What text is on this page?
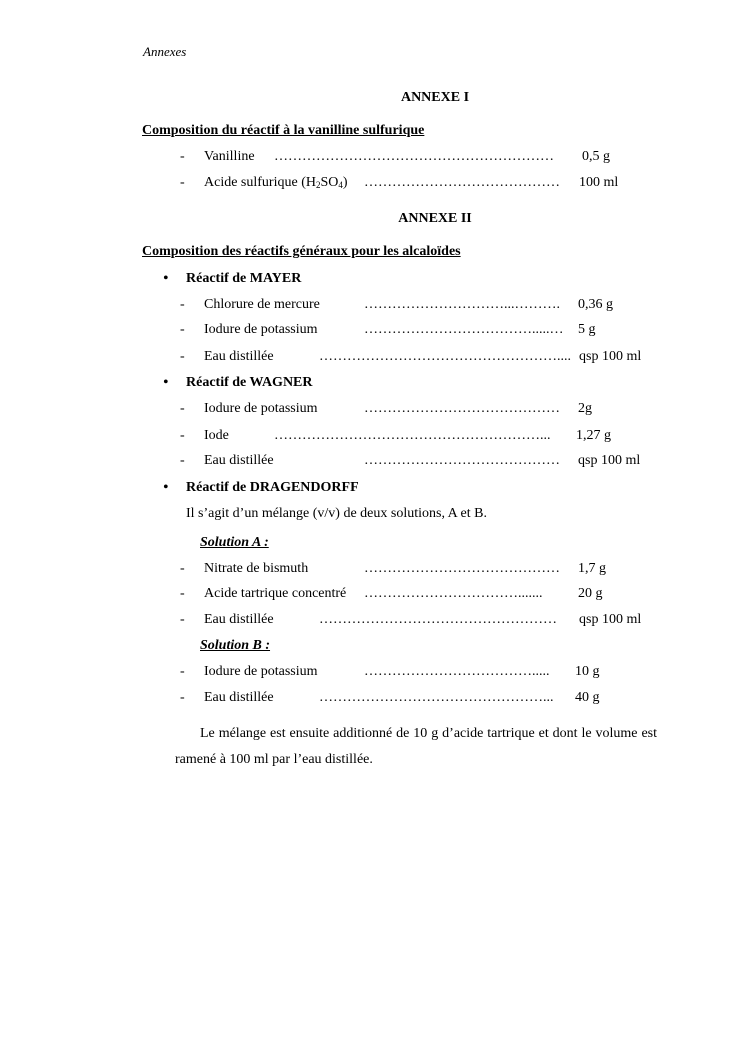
Annexes
ANNEXE I
Composition du réactif à la vanilline sulfurique
- Vanilline …………………………………………………… 0,5 g
- Acide sulfurique $(H_2SO_4)$ …………………………………… 100 ml
ANNEXE II
Composition des réactifs généraux pour les alcaloïdes
• Réactif de MAYER
- Chlorure de mercure	…………………………...………. 0,36 g
- Iodure de potassium	……………………………….....… 5 g
- Eau distillée	…………………………………………….... qsp 100 ml
• Réactif de WAGNER
- Iodure de potassium	…………………………………… 2g
- Iode	…………………………………………………... 1,27 g
- Eau distillée	…………………………………… qsp 100 ml
• Réactif de DRAGENDORFF
Il s’agit d’un mélange (v/v) de deux solutions, A et B.
Solution A :
- Nitrate de bismuth	…………………………………… 1,7 g
- Acide tartrique concentré …………………………….......	20 g
- Eau distillée	…………………………………………… qsp 100 ml
Solution B :
- Iodure de potassium	………………………………..... 10 g
- Eau distillée	…………………………………………... 40 g
Le mélange est ensuite additionné de 10 g d’acide tartrique et dont le volume est ramené à 100 ml par l’eau distillée.
